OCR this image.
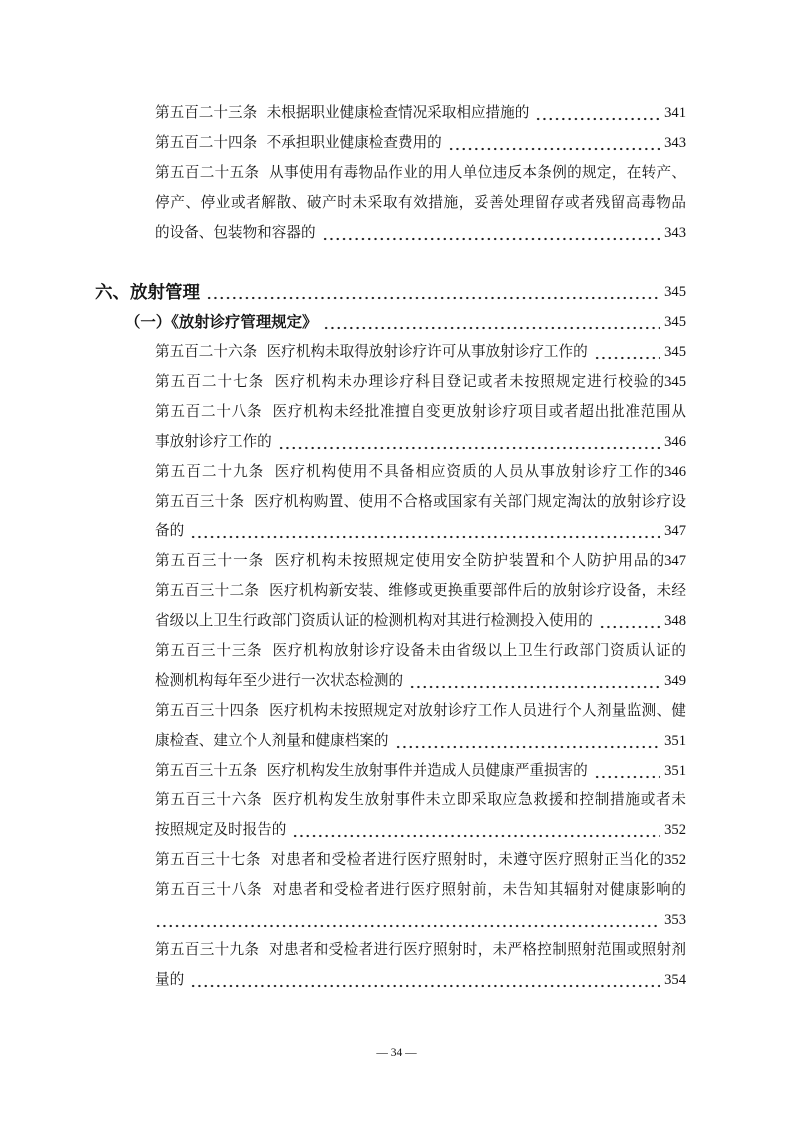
第五百二十三条 未根据职业健康检查情况采取相应措施的	341
第五百二十四条 不承担职业健康检查费用的	343
第五百二十五条 从事使用有毒物品作业的用人单位违反本条例的规定，在转产、
停产、停业或者解散、破产时未采取有效措施，妥善处理留存或者残留高毒物品
的设备、包装物和容器的	343
六、放射管理	345
（一）《放射诊疗管理规定》	345
第五百二十六条 医疗机构未取得放射诊疗许可从事放射诊疗工作的	345
第五百二十七条 医疗机构未办理诊疗科目登记或者未按照规定进行校验的 345
第五百二十八条 医疗机构未经批准擅自变更放射诊疗项目或者超出批准范围从
事放射诊疗工作的	346
第五百二十九条 医疗机构使用不具备相应资质的人员从事放射诊疗工作的 346
第五百三十条 医疗机构购置、使用不合格或国家有关部门规定淘汰的放射诊疗设
备的	347
第五百三十一条 医疗机构未按照规定使用安全防护装置和个人防护用品的 347
第五百三十二条 医疗机构新安装、维修或更换重要部件后的放射诊疗设备，未经
省级以上卫生行政部门资质认证的检测机构对其进行检测投入使用的	348
第五百三十三条 医疗机构放射诊疗设备未由省级以上卫生行政部门资质认证的
检测机构每年至少进行一次状态检测的	349
第五百三十四条 医疗机构未按照规定对放射诊疗工作人员进行个人剂量监测、健
康检查、建立个人剂量和健康档案的	351
第五百三十五条 医疗机构发生放射事件并造成人员健康严重损害的	351
第五百三十六条 医疗机构发生放射事件未立即采取应急救援和控制措施或者未
按照规定及时报告的	352
第五百三十七条 对患者和受检者进行医疗照射时，未遵守医疗照射正当化的 352
第五百三十八条 对患者和受检者进行医疗照射前，未告知其辐射对健康影响的
353
第五百三十九条 对患者和受检者进行医疗照射时，未严格控制照射范围或照射剂
量的	354
— 34 —
